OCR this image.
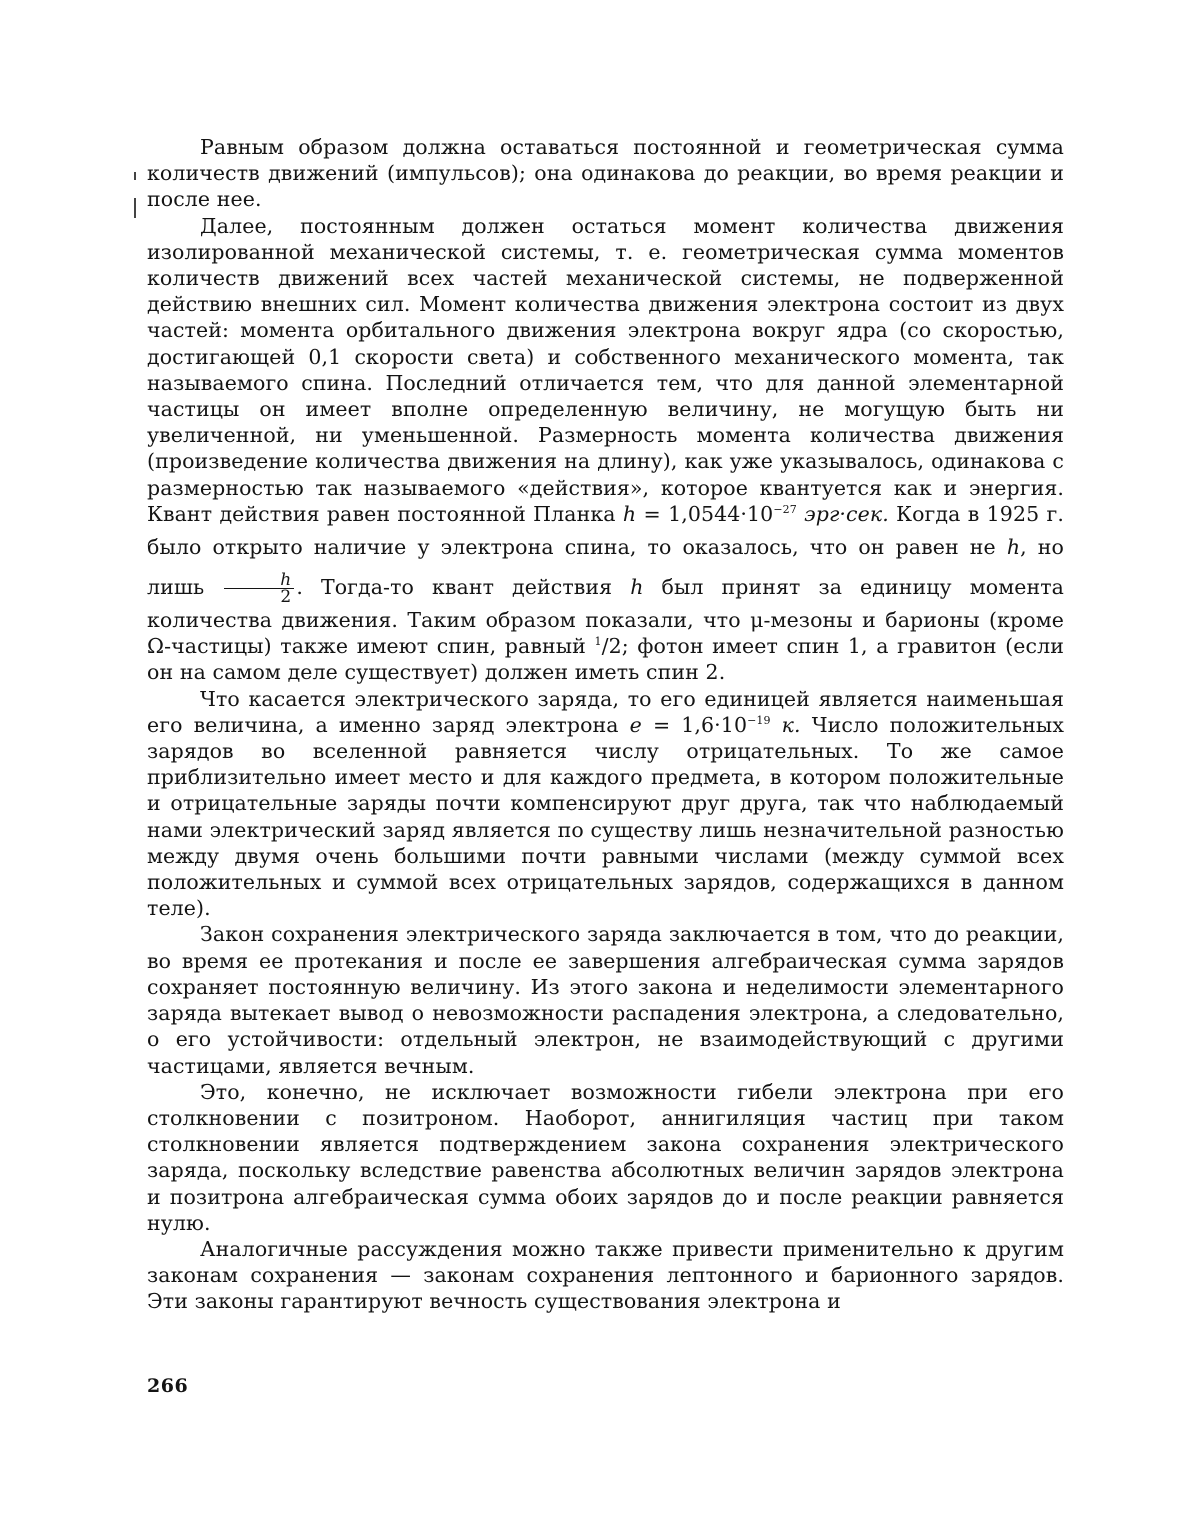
Равным образом должна оставаться постоянной и геометрическая сумма количеств движений (импульсов); она одинакова до реакции, во время реакции и после нее.

Далее, постоянным должен остаться момент количества движения изолированной механической системы, т. е. геометрическая сумма моментов количеств движений всех частей механической системы, не подверженной действию внешних сил. Момент количества движения электрона состоит из двух частей: момента орбитального движения электрона вокруг ядра (со скоростью, достигающей 0,1 скорости света) и собственного механического момента, так называемого спина. Последний отличается тем, что для данной элементарной частицы он имеет вполне определенную величину, не могущую быть ни увеличенной, ни уменьшенной. Размерность момента количества движения (произведение количества движения на длину), как уже указывалось, одинакова с размерностью так называемого «действия», которое квантуется как и энергия. Квант действия равен постоянной Планка $h = 1,0544\cdot 10^{-27}$ эрг·сек. Когда в 1925 г. было открыто наличие у электрона спина, то оказалось, что он равен не h, но лишь $\frac{h}{2}$ . Тогда-то квант действия h был принят за единицу момента количества движения. Таким образом показали, что μ-мезоны и барионы (кроме Ω-частицы) также имеют спин, равный $^1$/2; фотон имеет спин 1, а гравитон (если он на самом деле существует) должен иметь спин 2.

Что касается электрического заряда, то его единицей является наименьшая его величина, а именно заряд электрона $e = 1,6\cdot 10^{-19}$ к. Число положительных зарядов во вселенной равняется числу отрицательных. То же самое приблизительно имеет место и для каждого предмета, в котором положительные и отрицательные заряды почти компенсируют друг друга, так что наблюдаемый нами электрический заряд является по существу лишь незначительной разностью между двумя очень большими почти равными числами (между суммой всех положительных и суммой всех отрицательных зарядов, содержащихся в данном теле).

Закон сохранения электрического заряда заключается в том, что до реакции, во время ее протекания и после ее завершения алгебраическая сумма зарядов сохраняет постоянную величину. Из этого закона и неделимости элементарного заряда вытекает вывод о невозможности распадения электрона, а следовательно, о его устойчивости: отдельный электрон, не взаимодействующий с другими частицами, является вечным.

Это, конечно, не исключает возможности гибели электрона при его столкновении с позитроном. Наоборот, аннигиляция частиц при таком столкновении является подтверждением закона сохранения электрического заряда, поскольку вследствие равенства абсолютных величин зарядов электрона и позитрона алгебраическая сумма обоих зарядов до и после реакции равняется нулю.

Аналогичные рассуждения можно также привести применительно к другим законам сохранения — законам сохранения лептонного и барионного зарядов. Эти законы гарантируют вечность существования электрона и

266
